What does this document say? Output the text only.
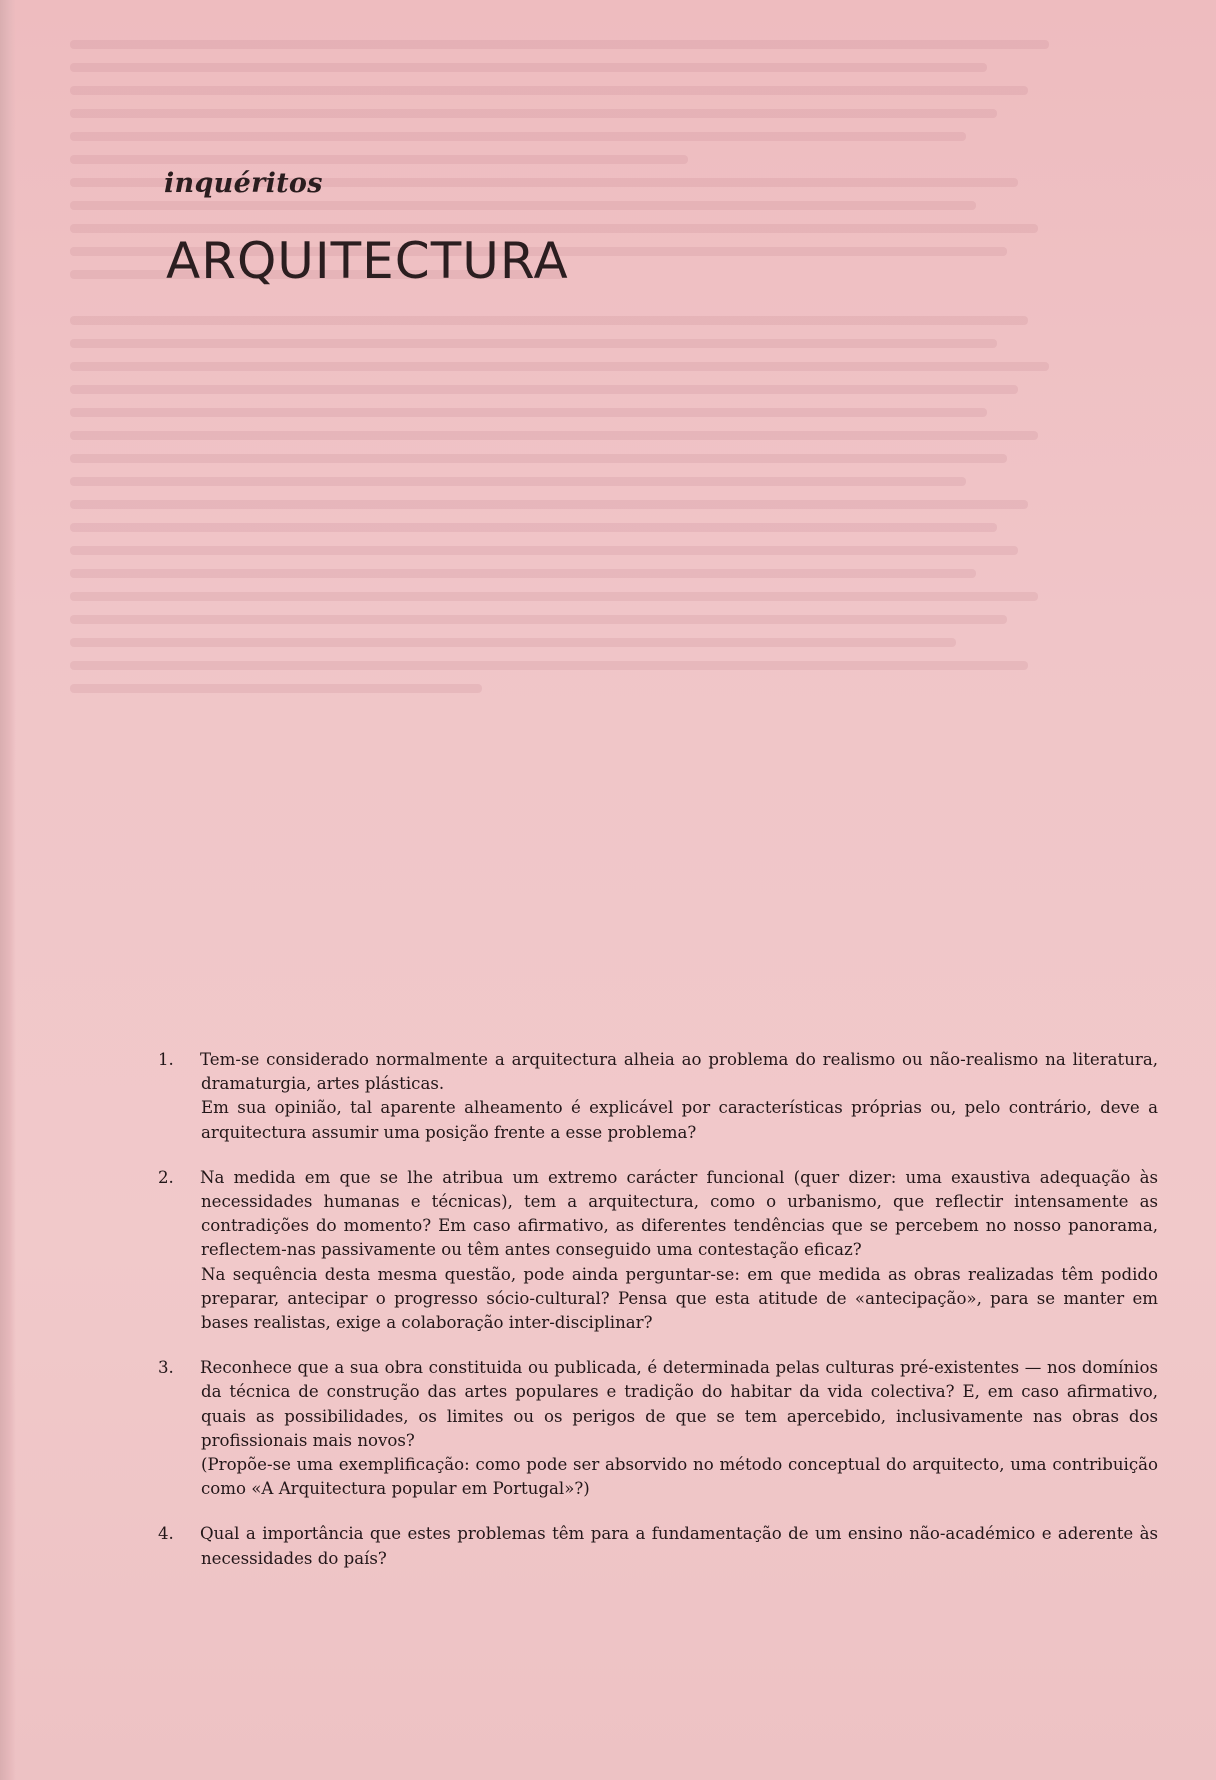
inquéritos
ARQUITECTURA
1. Tem-se considerado normalmente a arquitectura alheia ao problema do realismo ou não-realismo na literatura, dramaturgia, artes plásticas.

Em sua opinião, tal aparente alheamento é explicável por características próprias ou, pelo contrário, deve a arquitectura assumir uma posição frente a esse problema?

2. Na medida em que se lhe atribua um extremo carácter funcional (quer dizer: uma exaustiva adequação às necessidades humanas e técnicas), tem a arquitectura, como o urbanismo, que reflectir intensamente as contradições do momento? Em caso afirmativo, as diferentes tendências que se percebem no nosso panorama, reflectem-nas passivamente ou têm antes conseguido uma contestação eficaz?

Na sequência desta mesma questão, pode ainda perguntar-se: em que medida as obras realizadas têm podido preparar, antecipar o progresso sócio-cultural? Pensa que esta atitude de «antecipação», para se manter em bases realistas, exige a colaboração inter-disciplinar?

3. Reconhece que a sua obra constituida ou publicada, é determinada pelas culturas pré-existentes — nos domínios da técnica de construção das artes populares e tradição do habitar da vida colectiva? E, em caso afirmativo, quais as possibilidades, os limites ou os perigos de que se tem apercebido, inclusivamente nas obras dos profissionais mais novos?

(Propõe-se uma exemplificação: como pode ser absorvido no método conceptual do arquitecto, uma contribuição como «A Arquitectura popular em Portugal»?)

4. Qual a importância que estes problemas têm para a fundamentação de um ensino não-académico e aderente às necessidades do país?
